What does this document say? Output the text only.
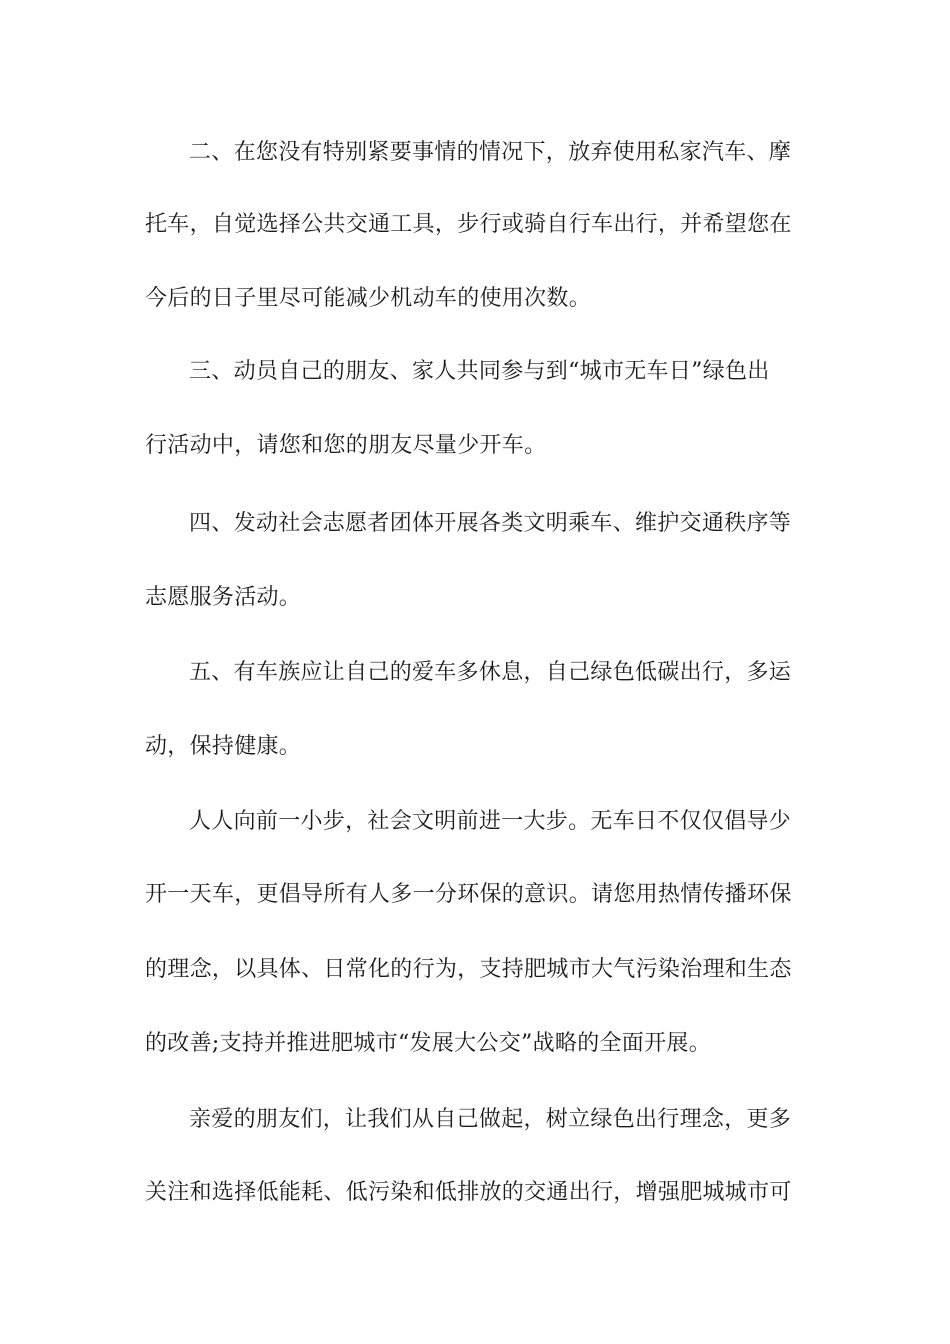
二、在您没有特别紧要事情的情况下，放弃使用私家汽车、摩
托车，自觉选择公共交通工具，步行或骑自行车出行，并希望您在
今后的日子里尽可能减少机动车的使用次数。
三、动员自己的朋友、家人共同参与到“城市无车日”绿色出
行活动中，请您和您的朋友尽量少开车。
四、发动社会志愿者团体开展各类文明乘车、维护交通秩序等
志愿服务活动。
五、有车族应让自己的爱车多休息，自己绿色低碳出行，多运
动，保持健康。
人人向前一小步，社会文明前进一大步。无车日不仅仅倡导少
开一天车，更倡导所有人多一分环保的意识。请您用热情传播环保
的理念，以具体、日常化的行为，支持肥城市大气污染治理和生态
的改善;支持并推进肥城市“发展大公交”战略的全面开展。
亲爱的朋友们，让我们从自己做起，树立绿色出行理念，更多
关注和选择低能耗、低污染和低排放的交通出行，增强肥城城市可
